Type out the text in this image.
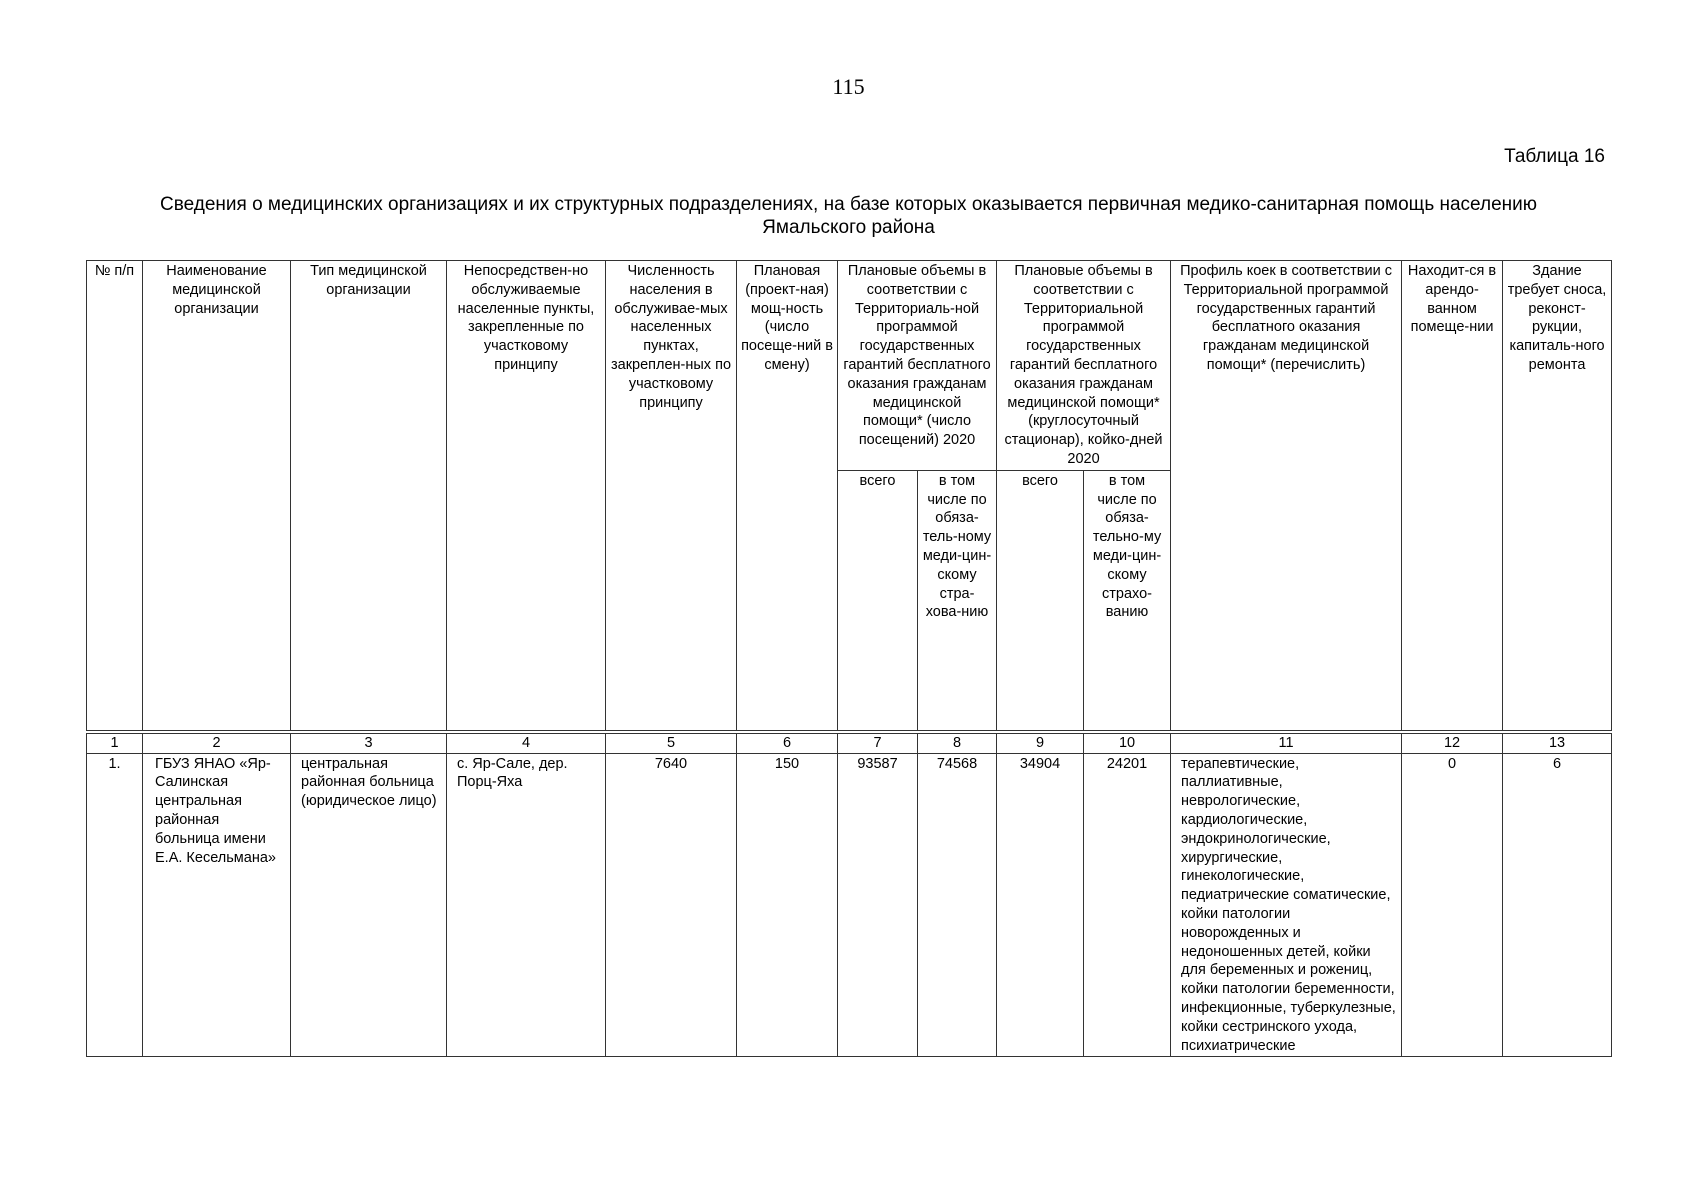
115
Таблица 16
Сведения о медицинских организациях и их структурных подразделениях, на базе которых оказывается первичная медико-санитарная помощь населению
Ямальского района
№ п/п	Наименование медицинской организации	Тип медицинской организации	Непосредствен-но обслуживаемые населенные пункты, закрепленные по участковому принципу	Численность населения в обслуживае-мых населенных пунктах, закреплен-ных по участковому принципу	Плановая (проект-ная) мощ-ность (число посеще-ний в смену)	Плановые объемы в соответствии с Территориаль-ной программой государственных гарантий бесплатного оказания гражданам медицинской помощи* (число посещений) 2020		Плановые объемы в соответствии с Территориальной программой государственных гарантий бесплатного оказания гражданам медицинской помощи* (круглосуточный стационар), койко-дней 2020		Профиль коек в соответствии с Территориальной программой государственных гарантий бесплатного оказания гражданам медицинской помощи* (перечислить)	Находит-ся в арендо-ванном помеще-нии	Здание требует сноса, реконст-рукции, капиталь-ного ремонта
						всего	в том числе по обяза-тель-ному меди-цин-скому стра-хова-нию	всего	в том числе по обяза-тельно-му меди-цин-скому страхо-ванию			

1	2	3	4	5	6	7	8	9	10	11	12	13
1.	ГБУЗ ЯНАО «Яр-Салинская центральная районная больница имени Е.А. Кесельмана»	центральная районная больница (юридическое лицо)	с. Яр-Сале, дер. Порц-Яха	7640	150	93587	74568	34904	24201	терапевтические, паллиативные, неврологические, кардиологические, эндокринологические, хирургические, гинекологические, педиатрические соматические, койки патологии новорожденных и недоношенных детей, койки для беременных и рожениц, койки патологии беременности, инфекционные, туберкулезные, койки сестринского ухода, психиатрические	0	6
